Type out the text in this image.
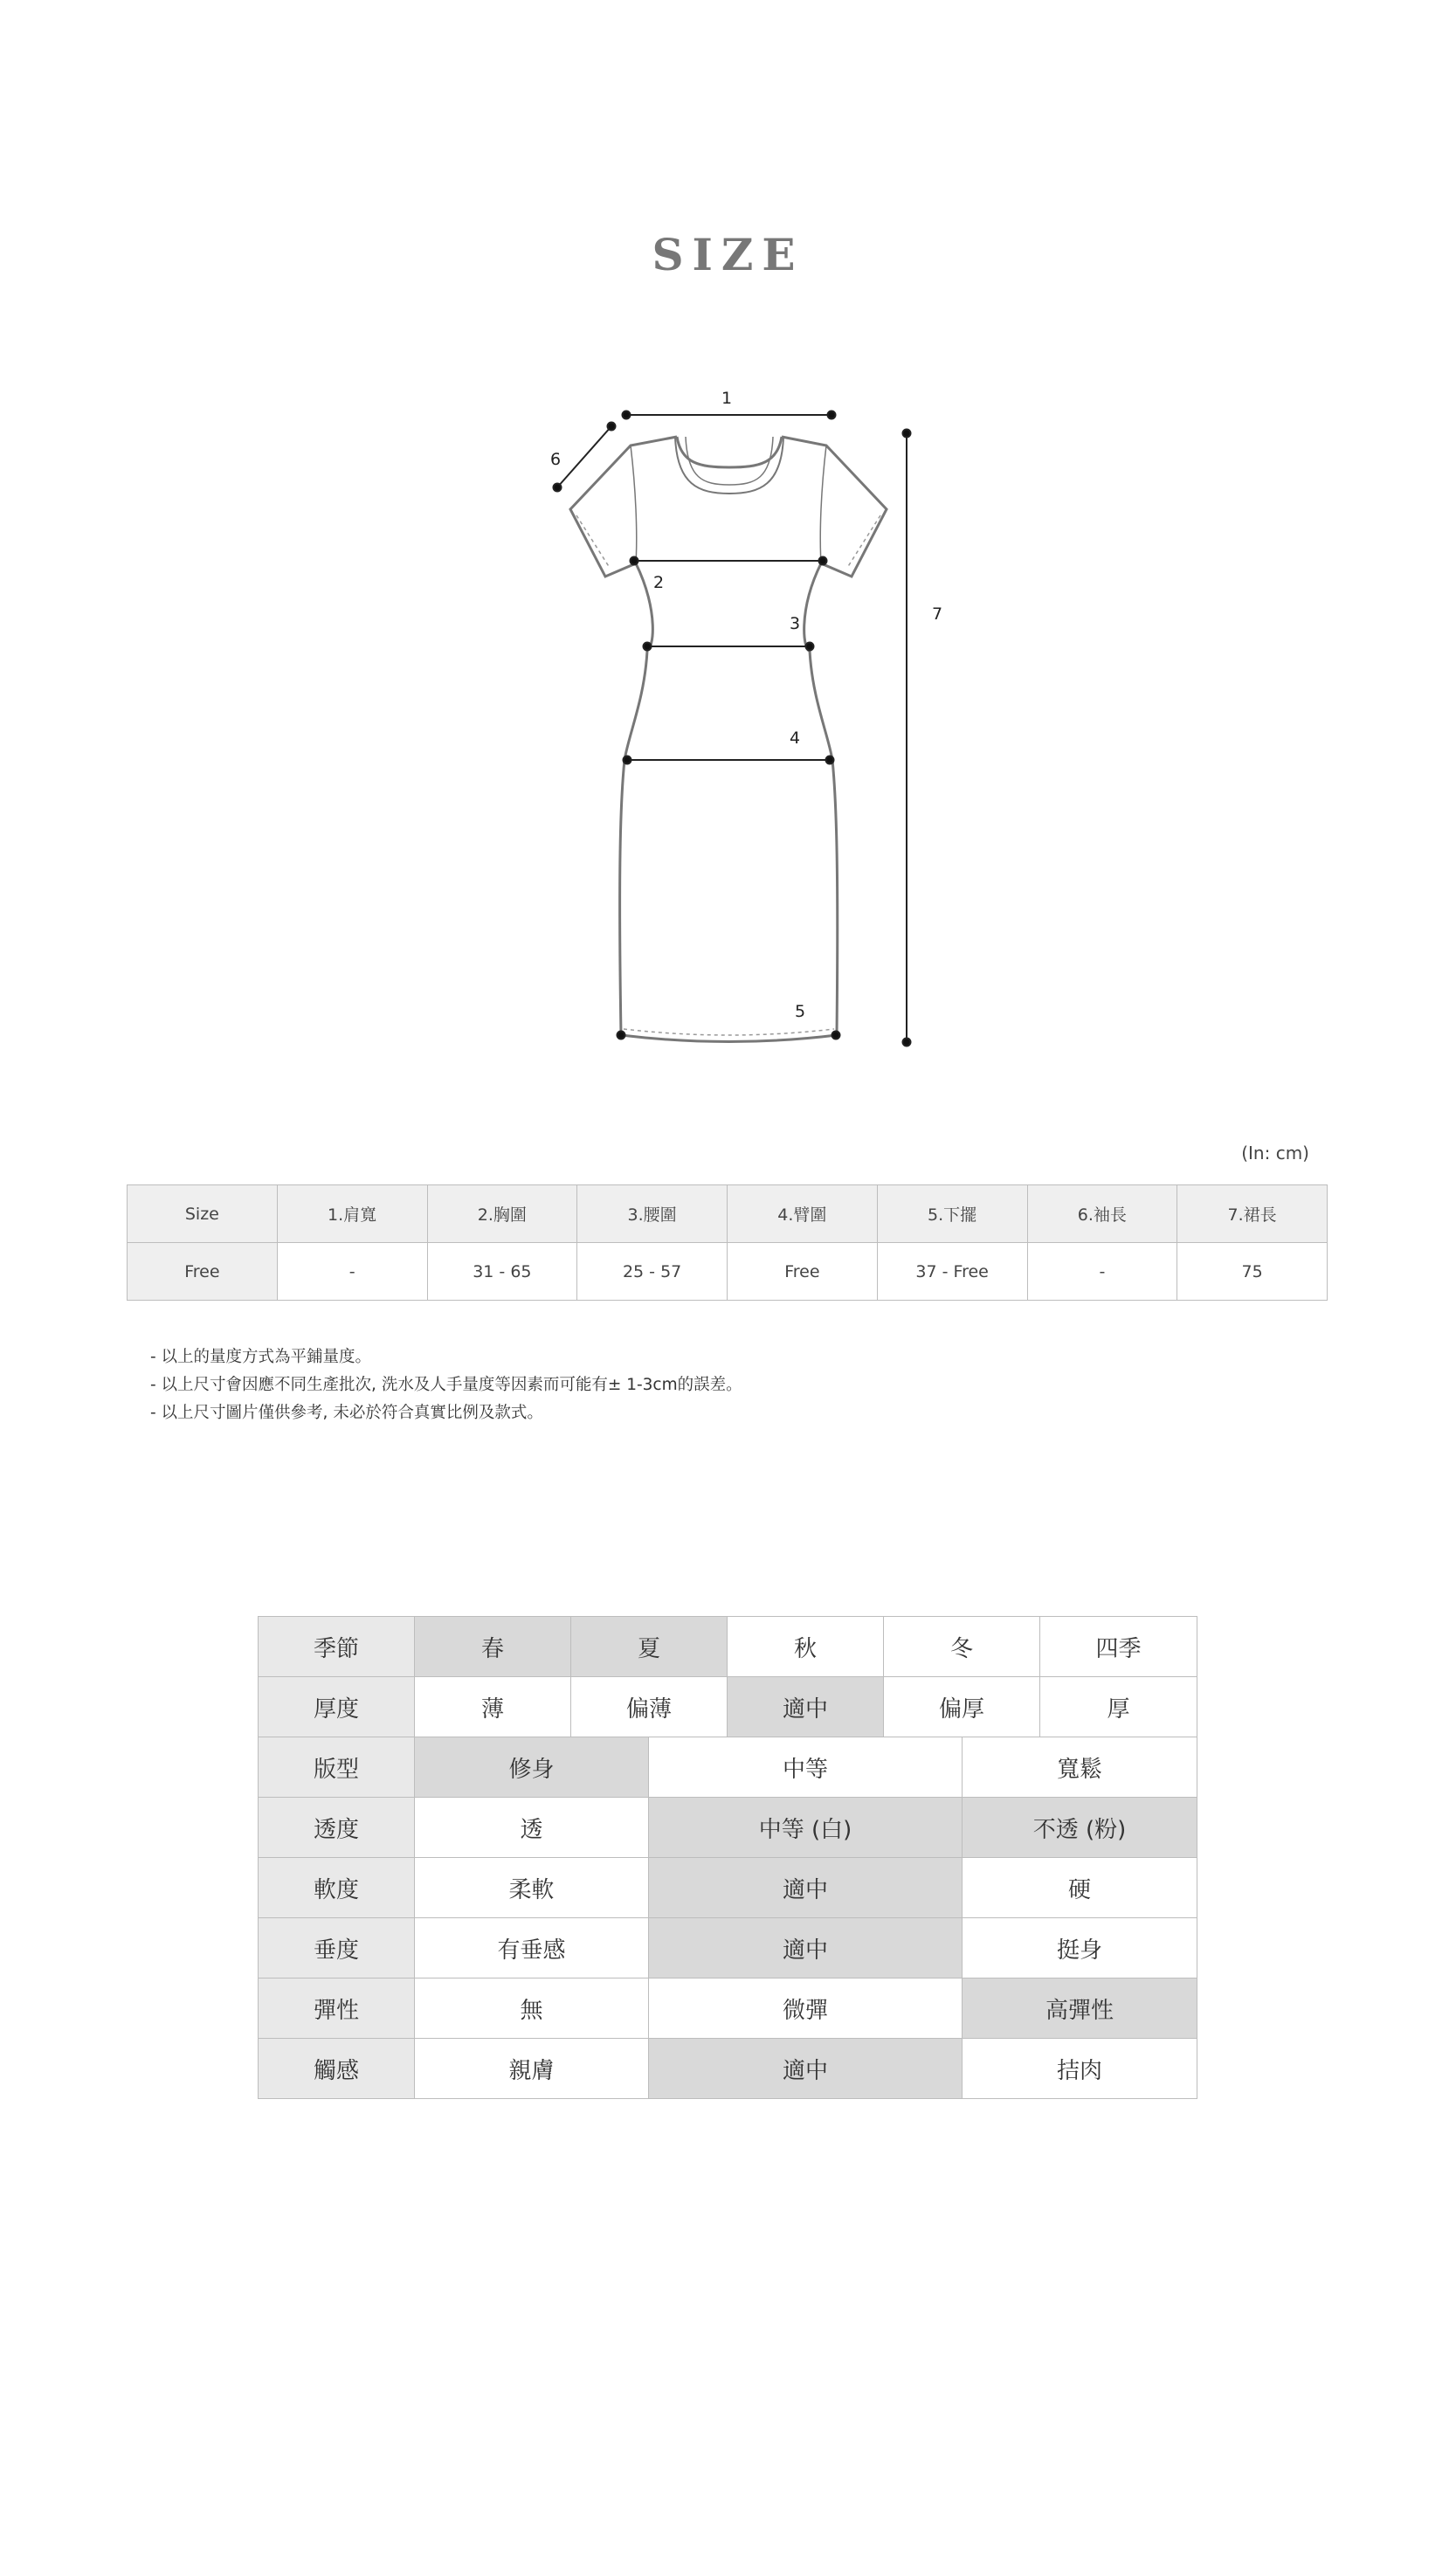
SIZE
1
2
3
4
5
6
7
(In: cm)
Size	1.肩寬	2.胸圍	3.腰圍	4.臂圍	5.下擺	6.袖長	7.裙長
Free	-	31 - 65	25 - 57	Free	37 - Free	-	75
- 以上的量度方式為平鋪量度。
- 以上尺寸會因應不同生產批次, 洗水及人手量度等因素而可能有± 1-3cm的誤差。
- 以上尺寸圖片僅供參考, 未必於符合真實比例及款式。
季節	春	夏		秋	冬		四季
厚度	薄	偏薄		適中	偏厚		厚
版型	修身		中等			寬鬆	
透度	透		中等 (白)			不透 (粉)	
軟度	柔軟		適中			硬	
垂度	有垂感		適中			挺身	
彈性	無		微彈			高彈性	
觸感	親膚		適中			拮肉	
